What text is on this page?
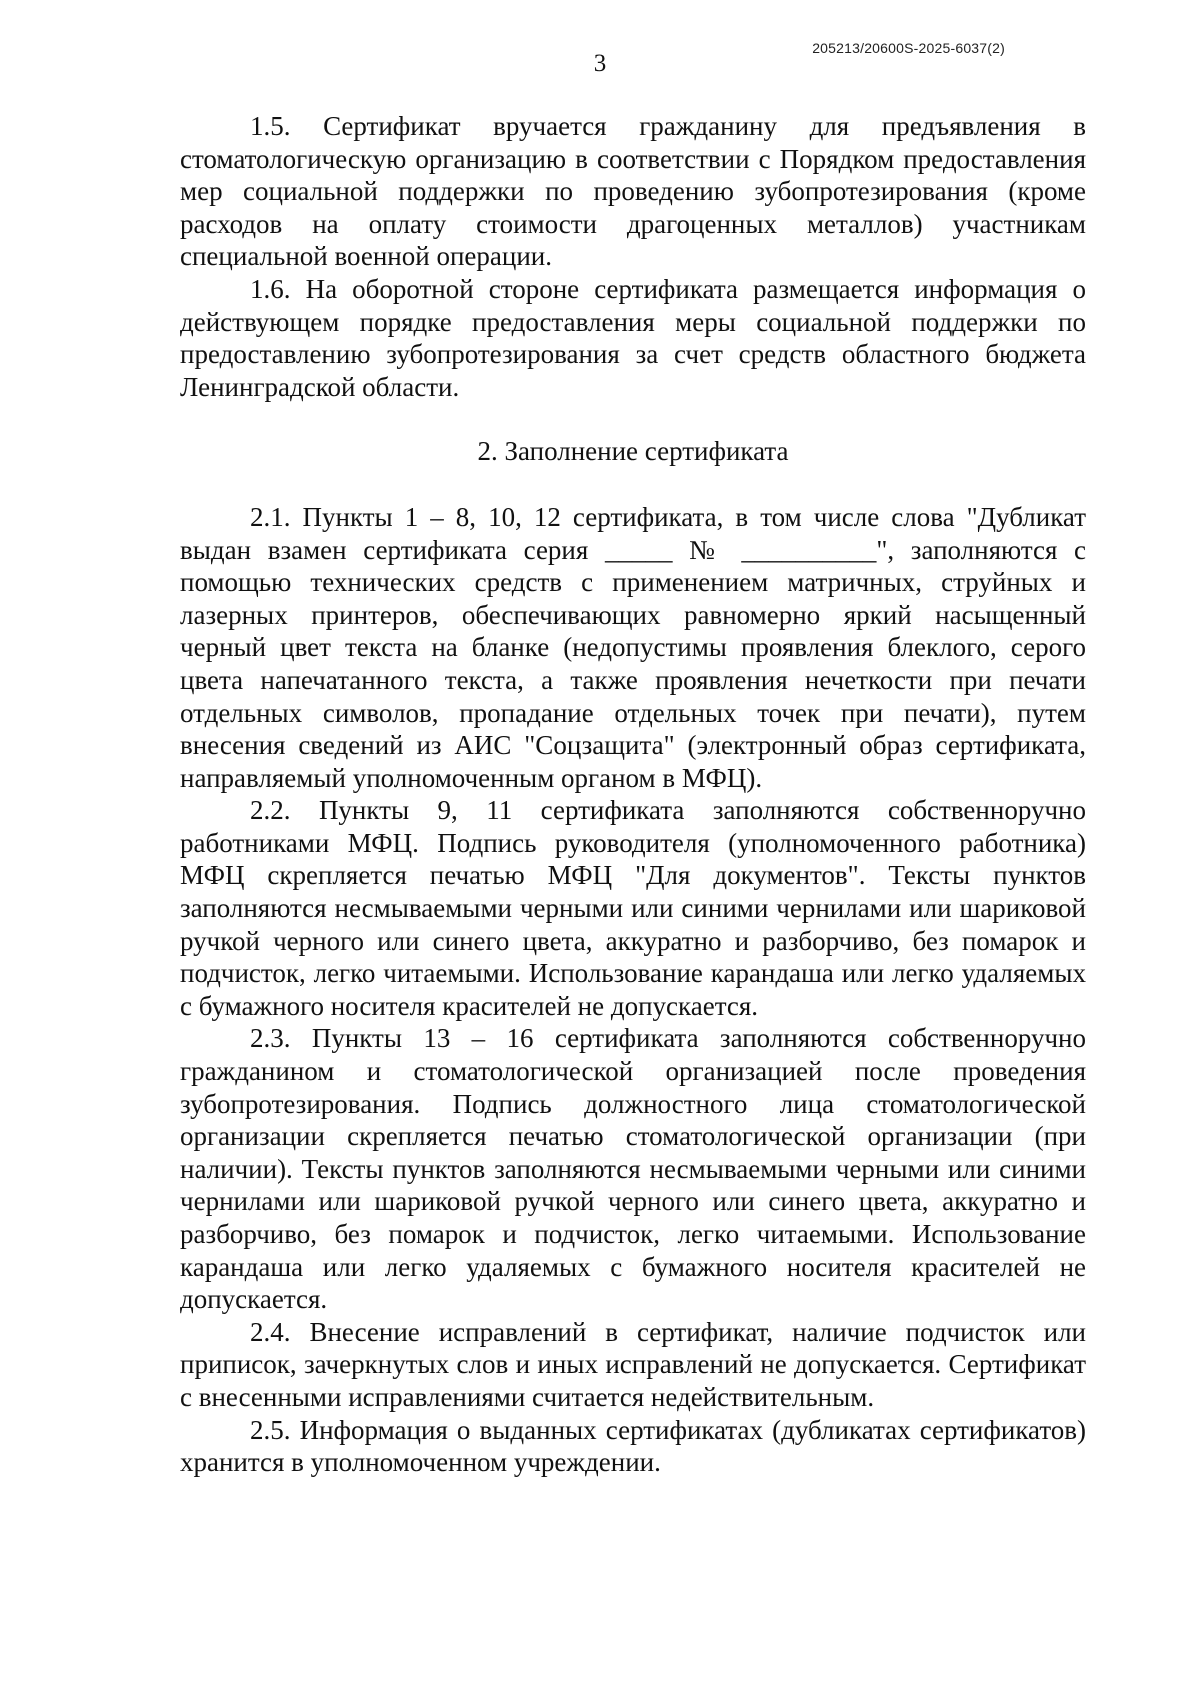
205213/20600S-2025-6037(2)
3

1.5. Сертификат вручается гражданину для предъявления в стоматологическую организацию в соответствии с Порядком предоставления мер социальной поддержки по проведению зубопротезирования (кроме расходов на оплату стоимости драгоценных металлов) участникам специальной военной операции.

1.6. На оборотной стороне сертификата размещается информация о действующем порядке предоставления меры социальной поддержки по предоставлению зубопротезирования за счет средств областного бюджета Ленинградской области.

2. Заполнение сертификата

2.1. Пункты 1 – 8, 10, 12 сертификата, в том числе слова "Дубликат выдан взамен сертификата серия _____ № __________", заполняются с помощью технических средств с применением матричных, струйных и лазерных принтеров, обеспечивающих равномерно яркий насыщенный черный цвет текста на бланке (недопустимы проявления блеклого, серого цвета напечатанного текста, а также проявления нечеткости при печати отдельных символов, пропадание отдельных точек при печати), путем внесения сведений из АИС "Соцзащита" (электронный образ сертификата, направляемый уполномоченным органом в МФЦ).

2.2. Пункты 9, 11 сертификата заполняются собственноручно работниками МФЦ. Подпись руководителя (уполномоченного работника) МФЦ скрепляется печатью МФЦ "Для документов". Тексты пунктов заполняются несмываемыми черными или синими чернилами или шариковой ручкой черного или синего цвета, аккуратно и разборчиво, без помарок и подчисток, легко читаемыми. Использование карандаша или легко удаляемых с бумажного носителя красителей не допускается.

2.3. Пункты 13 – 16 сертификата заполняются собственноручно гражданином и стоматологической организацией после проведения зубопротезирования. Подпись должностного лица стоматологической организации скрепляется печатью стоматологической организации (при наличии). Тексты пунктов заполняются несмываемыми черными или синими чернилами или шариковой ручкой черного или синего цвета, аккуратно и разборчиво, без помарок и подчисток, легко читаемыми. Использование карандаша или легко удаляемых с бумажного носителя красителей не допускается.

2.4. Внесение исправлений в сертификат, наличие подчисток или приписок, зачеркнутых слов и иных исправлений не допускается. Сертификат с внесенными исправлениями считается недействительным.

2.5. Информация о выданных сертификатах (дубликатах сертификатов) хранится в уполномоченном учреждении.
